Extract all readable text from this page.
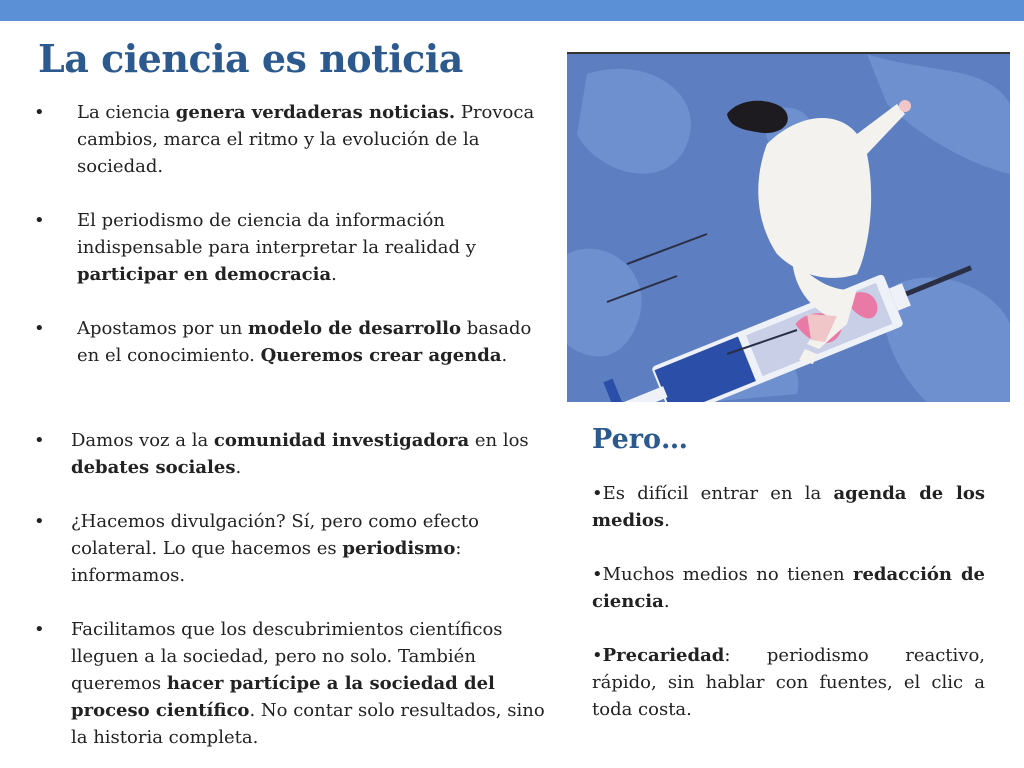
La ciencia es noticia
• La ciencia genera verdaderas noticias. Provoca cambios, marca el ritmo y la evolución de la sociedad.
• El periodismo de ciencia da información indispensable para interpretar la realidad y participar en democracia.
• Apostamos por un modelo de desarrollo basado en el conocimiento. Queremos crear agenda.
• Damos voz a la comunidad investigadora en los debates sociales.
• ¿Hacemos divulgación? Sí, pero como efecto colateral. Lo que hacemos es periodismo: informamos.
• Facilitamos que los descubrimientos científicos lleguen a la sociedad, pero no solo. También queremos hacer partícipe a la sociedad del proceso científico. No contar solo resultados, sino la historia completa.
Pero…

•Es difícil entrar en la agenda de los medios.

•Muchos medios no tienen redacción de ciencia.

•Precariedad: periodismo reactivo, rápido, sin hablar con fuentes, el clic a toda costa.
